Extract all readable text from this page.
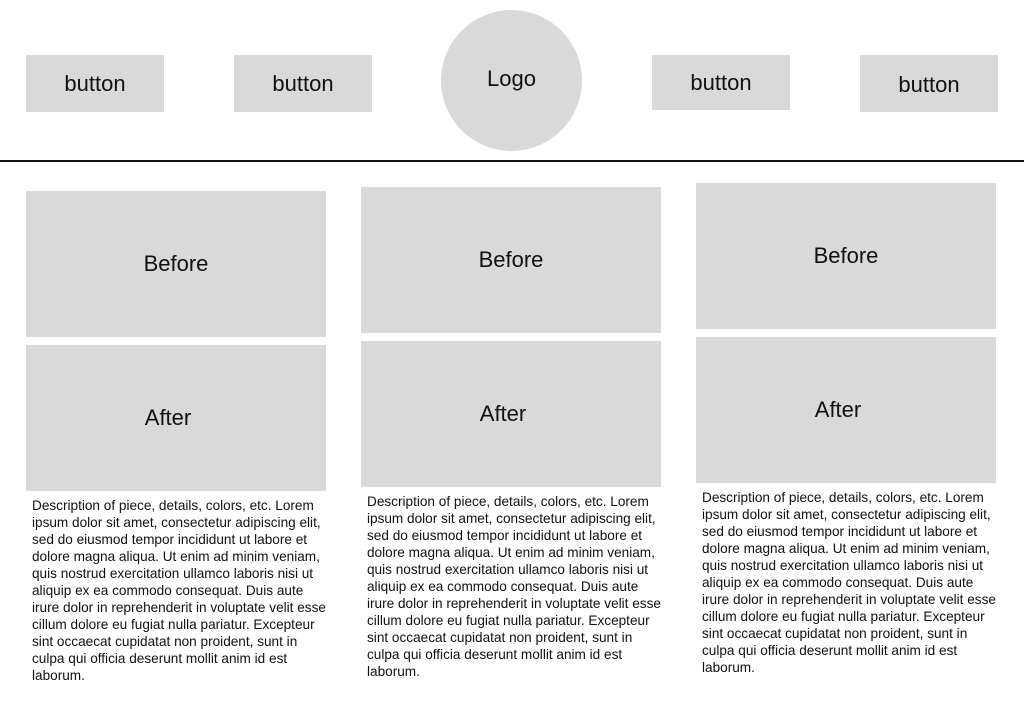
button	button	Logo	button	button
Before
After
Description of piece, details, colors, etc. Lorem ipsum dolor sit amet, consectetur adipiscing elit, sed do eiusmod tempor incididunt ut labore et dolore magna aliqua. Ut enim ad minim veniam, quis nostrud exercitation ullamco laboris nisi ut aliquip ex ea commodo consequat. Duis aute irure dolor in reprehenderit in voluptate velit esse cillum dolore eu fugiat nulla pariatur. Excepteur sint occaecat cupidatat non proident, sunt in culpa qui officia deserunt mollit anim id est laborum.
Before
After
Description of piece, details, colors, etc. Lorem ipsum dolor sit amet, consectetur adipiscing elit, sed do eiusmod tempor incididunt ut labore et dolore magna aliqua. Ut enim ad minim veniam, quis nostrud exercitation ullamco laboris nisi ut aliquip ex ea commodo consequat. Duis aute irure dolor in reprehenderit in voluptate velit esse cillum dolore eu fugiat nulla pariatur. Excepteur sint occaecat cupidatat non proident, sunt in culpa qui officia deserunt mollit anim id est laborum.
Before
After
Description of piece, details, colors, etc. Lorem ipsum dolor sit amet, consectetur adipiscing elit, sed do eiusmod tempor incididunt ut labore et dolore magna aliqua. Ut enim ad minim veniam, quis nostrud exercitation ullamco laboris nisi ut aliquip ex ea commodo consequat. Duis aute irure dolor in reprehenderit in voluptate velit esse cillum dolore eu fugiat nulla pariatur. Excepteur sint occaecat cupidatat non proident, sunt in culpa qui officia deserunt mollit anim id est laborum.
